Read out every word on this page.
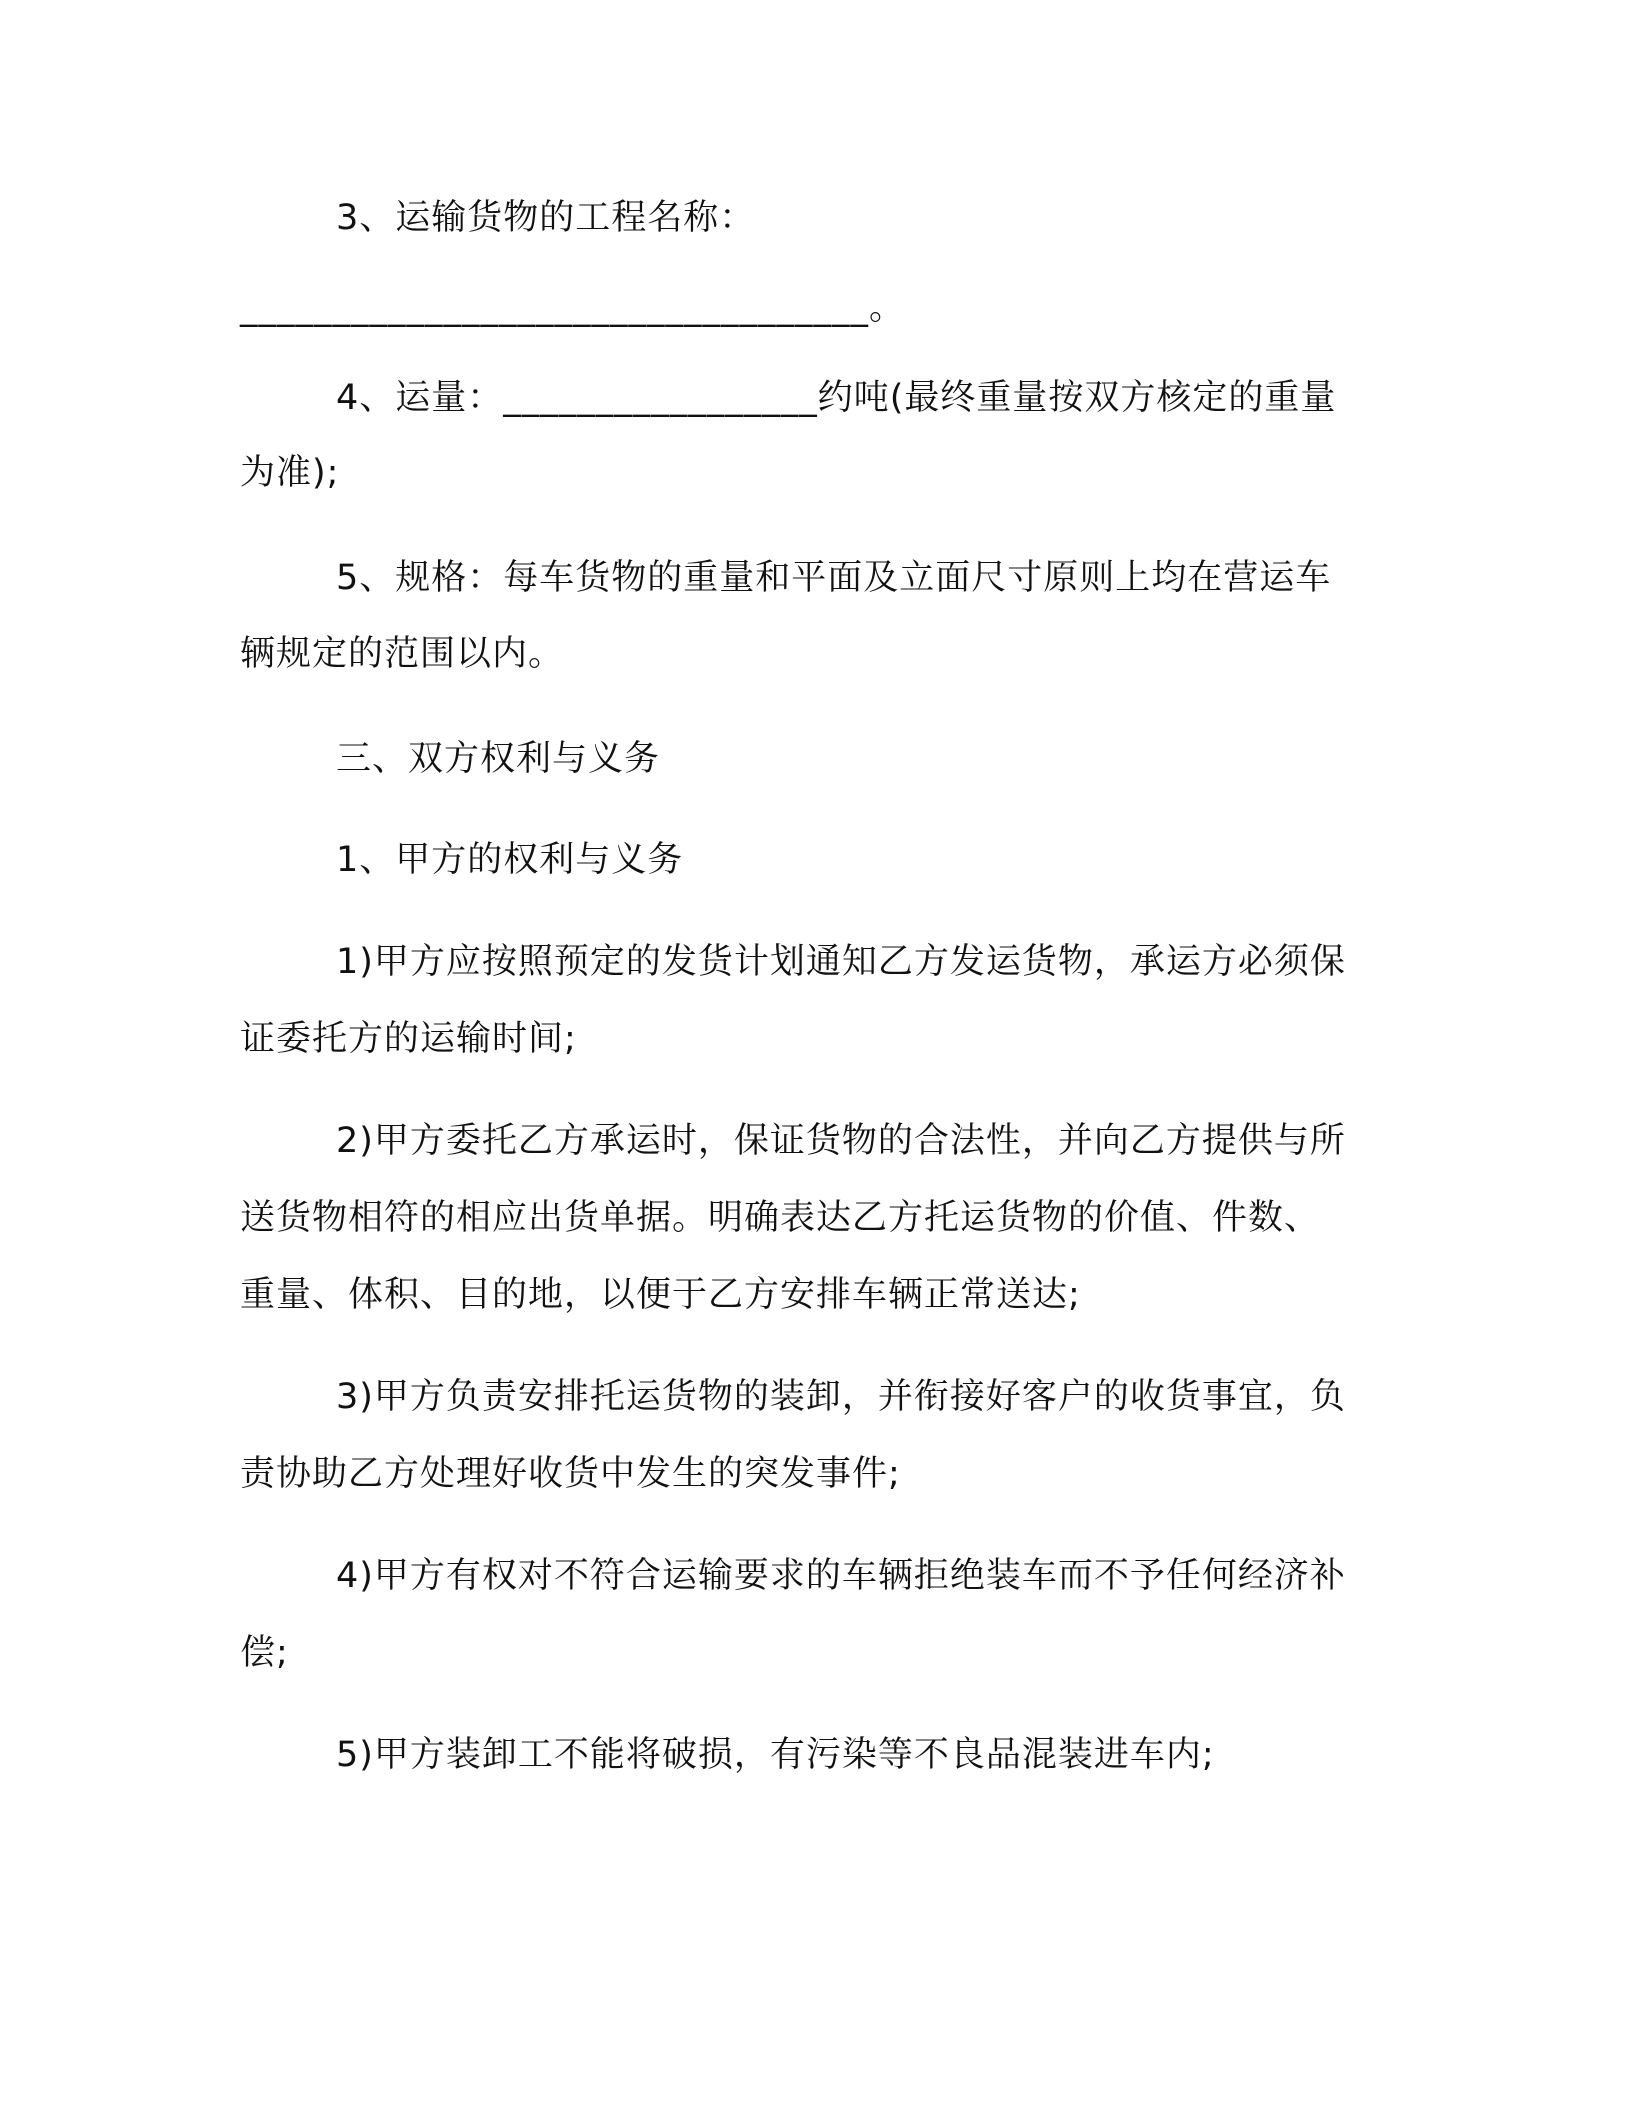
3、运输货物的工程名称：
__________________________________。
4、运量：_________________约吨(最终重量按双方核定的重量
为准);
5、规格：每车货物的重量和平面及立面尺寸原则上均在营运车
辆规定的范围以内。
三、双方权利与义务
1、甲方的权利与义务
1)甲方应按照预定的发货计划通知乙方发运货物，承运方必须保
证委托方的运输时间;
2)甲方委托乙方承运时，保证货物的合法性，并向乙方提供与所
送货物相符的相应出货单据。明确表达乙方托运货物的价值、件数、
重量、体积、目的地，以便于乙方安排车辆正常送达;
3)甲方负责安排托运货物的装卸，并衔接好客户的收货事宜，负
责协助乙方处理好收货中发生的突发事件;
4)甲方有权对不符合运输要求的车辆拒绝装车而不予任何经济补
偿;
5)甲方装卸工不能将破损，有污染等不良品混装进车内;
